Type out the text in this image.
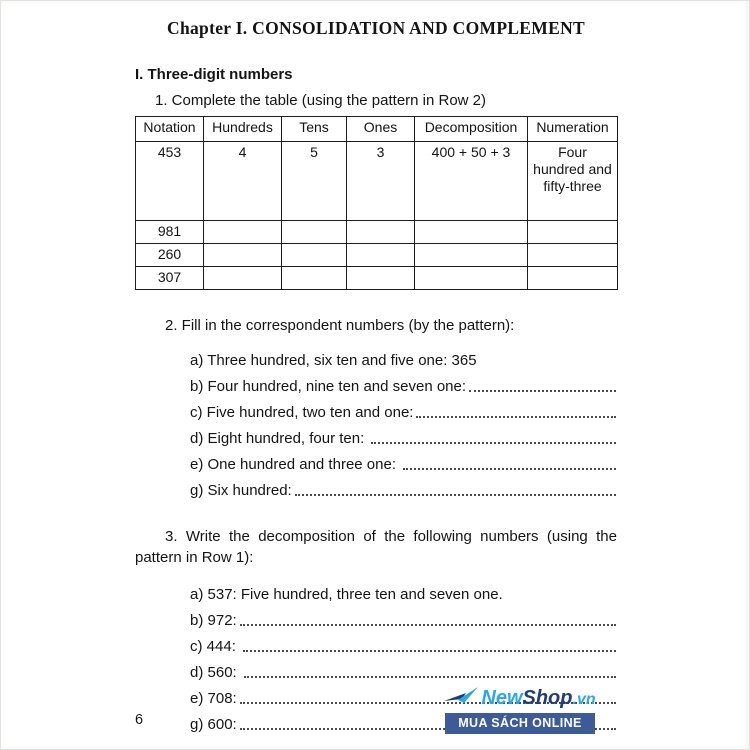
Chapter I. CONSOLIDATION AND COMPLEMENT
I. Three-digit numbers
1. Complete the table (using the pattern in Row 2)
Notation	Hundreds	Tens	Ones	Decomposition	Numeration
453	4	5	3	400 + 50 + 3	Four hundred and fifty-three
981					
260					
307					
2. Fill in the correspondent numbers (by the pattern):
a) Three hundred, six ten and five one: 365
b) Four hundred, nine ten and seven one:
c) Five hundred, two ten and one:
d) Eight hundred, four ten:
e) One hundred and three one:
g) Six hundred:
3. Write the decomposition of the following numbers (using the pattern in Row 1):
a) 537: Five hundred, three ten and seven one.
b) 972:
c) 444:
d) 560:
e) 708:
g) 600:
6
NewShop.vn
MUA SÁCH ONLINE
